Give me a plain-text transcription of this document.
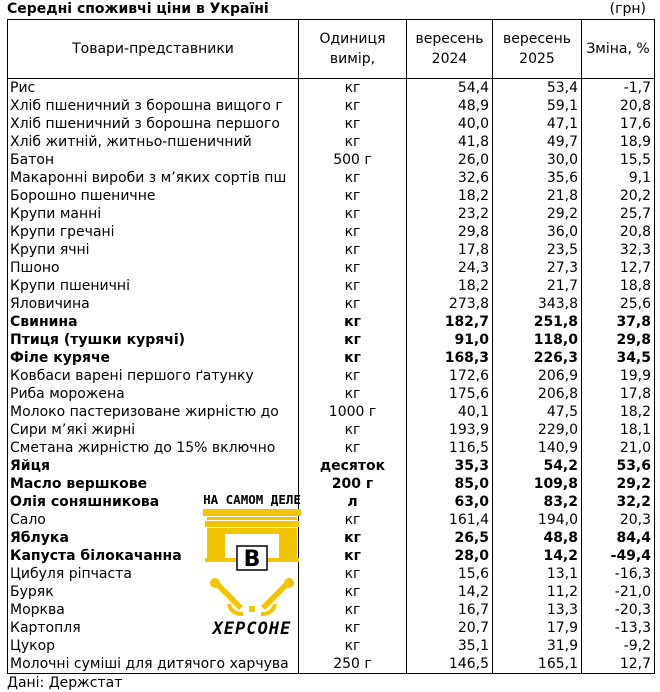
Середні споживчі ціни в Україні	(грн)
Товари-представники	Одиниця вимір,	вересень 2024	вересень 2025	Зміна, %
Рис	кг	54,4	53,4	-1,7
Хліб пшеничний з борошна вищого г	кг	48,9	59,1	20,8
Хліб пшеничний з борошна першого	кг	40,0	47,1	17,6
Хліб житній, житньо-пшеничний	кг	41,8	49,7	18,9
Батон	500 г	26,0	30,0	15,5
Макаронні вироби з м’яких сортів пш	кг	32,6	35,6	9,1
Борошно пшеничне	кг	18,2	21,8	20,2
Крупи манні	кг	23,2	29,2	25,7
Крупи гречані	кг	29,8	36,0	20,8
Крупи ячні	кг	17,8	23,5	32,3
Пшоно	кг	24,3	27,3	12,7
Крупи пшеничні	кг	18,2	21,7	18,8
Яловичина	кг	273,8	343,8	25,6
Свинина	кг	182,7	251,8	37,8
Птиця (тушки курячі)	кг	91,0	118,0	29,8
Філе куряче	кг	168,3	226,3	34,5
Ковбаси варені першого ґатунку	кг	172,6	206,9	19,9
Риба морожена	кг	175,6	206,8	17,8
Молоко пастеризоване жирністю до	1000 г	40,1	47,5	18,2
Сири м’які жирні	кг	193,9	229,0	18,1
Сметана жирністю до 15% включно	кг	116,5	140,9	21,0
Яйця	десяток	35,3	54,2	53,6
Масло вершкове	200 г	85,0	109,8	29,2
Олія соняшникова	л	63,0	83,2	32,2
Сало	кг	161,4	194,0	20,3
Яблука	кг	26,5	48,8	84,4
Капуста білокачанна	кг	28,0	14,2	-49,4
Цибуля ріпчаста	кг	15,6	13,1	-16,3
Буряк	кг	14,2	11,2	-21,0
Морква	кг	16,7	13,3	-20,3
Картопля	кг	20,7	17,9	-13,3
Цукор	кг	35,1	31,9	-9,2
Молочні суміші для дитячого харчува	250 г	146,5	165,1	12,7
Дані: Держстат
НА САМОМ ДЕЛЕ
В
ХЕРСОНЕ
